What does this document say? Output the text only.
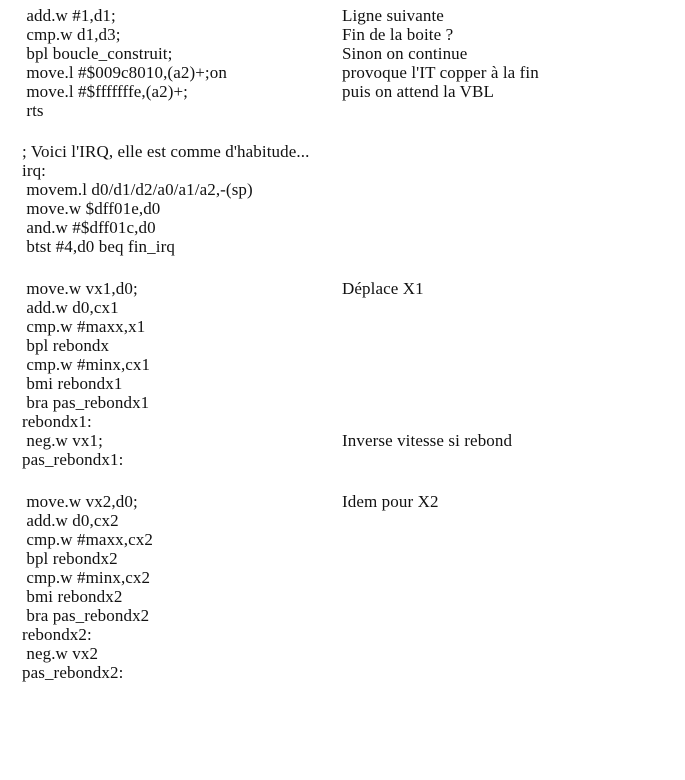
add.w #1,d1;	Ligne suivante
cmp.w d1,d3;	Fin de la boite ?
bpl boucle_construit;	Sinon on continue
move.l #$009c8010,(a2)+;on	provoque l'IT copper à la fin
move.l #$fffffffe,(a2)+;	puis on attend la VBL
rts
; Voici l'IRQ, elle est comme d'habitude...
irq:
movem.l d0/d1/d2/a0/a1/a2,-(sp)
move.w $dff01e,d0
and.w #$dff01c,d0
btst #4,d0 beq fin_irq
move.w vx1,d0;	Déplace X1
add.w d0,cx1
cmp.w #maxx,x1
bpl rebondx
cmp.w #minx,cx1
bmi rebondx1
bra pas_rebondx1
rebondx1:
neg.w vx1;	Inverse vitesse si rebond
pas_rebondx1:
move.w vx2,d0;	Idem pour X2
add.w d0,cx2
cmp.w #maxx,cx2
bpl rebondx2
cmp.w #minx,cx2
bmi rebondx2
bra pas_rebondx2
rebondx2:
neg.w vx2
pas_rebondx2:
